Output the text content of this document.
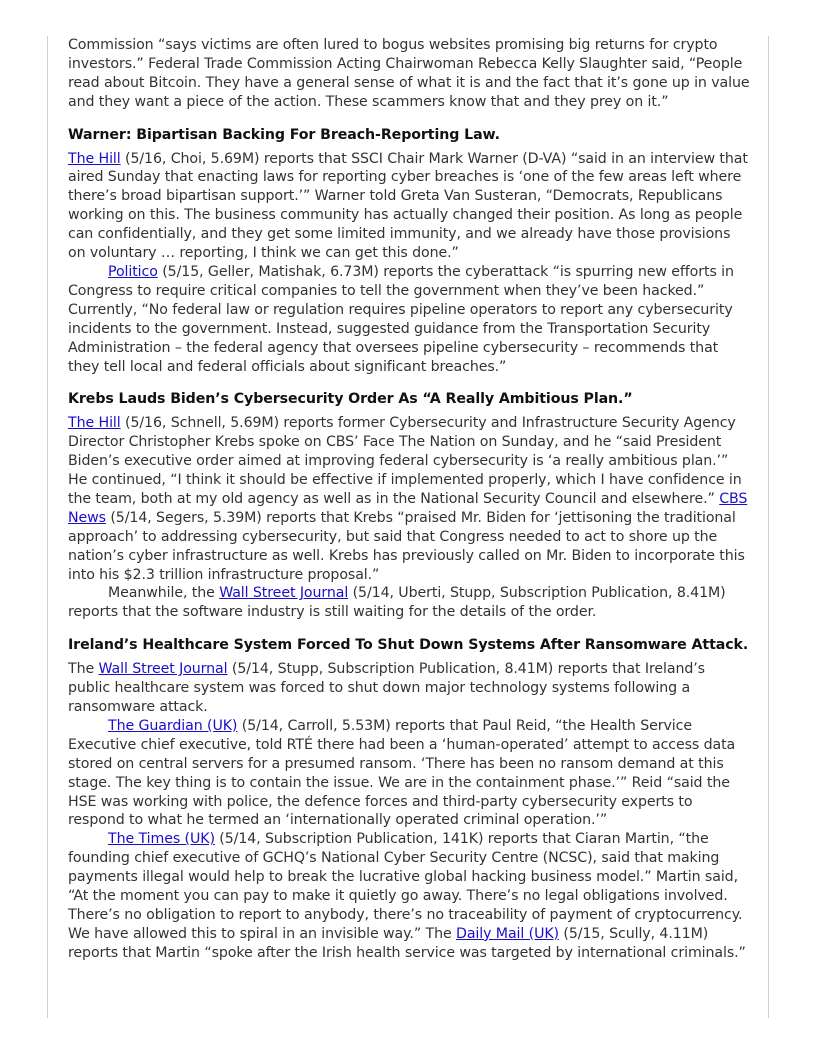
Commission “says victims are often lured to bogus websites promising big returns for crypto investors.” Federal Trade Commission Acting Chairwoman Rebecca Kelly Slaughter said, “People read about Bitcoin. They have a general sense of what it is and the fact that it’s gone up in value and they want a piece of the action. These scammers know that and they prey on it.”

Warner: Bipartisan Backing For Breach-Reporting Law.

The Hill (5/16, Choi, 5.69M) reports that SSCI Chair Mark Warner (D-VA) “said in an interview that aired Sunday that enacting laws for reporting cyber breaches is ‘one of the few areas left where there’s broad bipartisan support.’” Warner told Greta Van Susteran, “Democrats, Republicans working on this. The business community has actually changed their position. As long as people can confidentially, and they get some limited immunity, and we already have those provisions on voluntary … reporting, I think we can get this done.”

Politico (5/15, Geller, Matishak, 6.73M) reports the cyberattack “is spurring new efforts in Congress to require critical companies to tell the government when they’ve been hacked.” Currently, “No federal law or regulation requires pipeline operators to report any cybersecurity incidents to the government. Instead, suggested guidance from the Transportation Security Administration – the federal agency that oversees pipeline cybersecurity – recommends that they tell local and federal officials about significant breaches.”

Krebs Lauds Biden’s Cybersecurity Order As “A Really Ambitious Plan.”

The Hill (5/16, Schnell, 5.69M) reports former Cybersecurity and Infrastructure Security Agency Director Christopher Krebs spoke on CBS’ Face The Nation on Sunday, and he “said President Biden’s executive order aimed at improving federal cybersecurity is ‘a really ambitious plan.’” He continued, “I think it should be effective if implemented properly, which I have confidence in the team, both at my old agency as well as in the National Security Council and elsewhere.” CBS News (5/14, Segers, 5.39M) reports that Krebs “praised Mr. Biden for ‘jettisoning the traditional approach’ to addressing cybersecurity, but said that Congress needed to act to shore up the nation’s cyber infrastructure as well. Krebs has previously called on Mr. Biden to incorporate this into his $2.3 trillion infrastructure proposal.”

Meanwhile, the Wall Street Journal (5/14, Uberti, Stupp, Subscription Publication, 8.41M) reports that the software industry is still waiting for the details of the order.

Ireland’s Healthcare System Forced To Shut Down Systems After Ransomware Attack.

The Wall Street Journal (5/14, Stupp, Subscription Publication, 8.41M) reports that Ireland’s public healthcare system was forced to shut down major technology systems following a ransomware attack.

The Guardian (UK) (5/14, Carroll, 5.53M) reports that Paul Reid, “the Health Service Executive chief executive, told RTÉ there had been a ‘human-operated’ attempt to access data stored on central servers for a presumed ransom. ‘There has been no ransom demand at this stage. The key thing is to contain the issue. We are in the containment phase.’” Reid “said the HSE was working with police, the defence forces and third-party cybersecurity experts to respond to what he termed an ‘internationally operated criminal operation.’”

The Times (UK) (5/14, Subscription Publication, 141K) reports that Ciaran Martin, “the founding chief executive of GCHQ’s National Cyber Security Centre (NCSC), said that making payments illegal would help to break the lucrative global hacking business model.” Martin said, “At the moment you can pay to make it quietly go away. There’s no legal obligations involved. There’s no obligation to report to anybody, there’s no traceability of payment of cryptocurrency. We have allowed this to spiral in an invisible way.” The Daily Mail (UK) (5/15, Scully, 4.11M) reports that Martin “spoke after the Irish health service was targeted by international criminals.”
